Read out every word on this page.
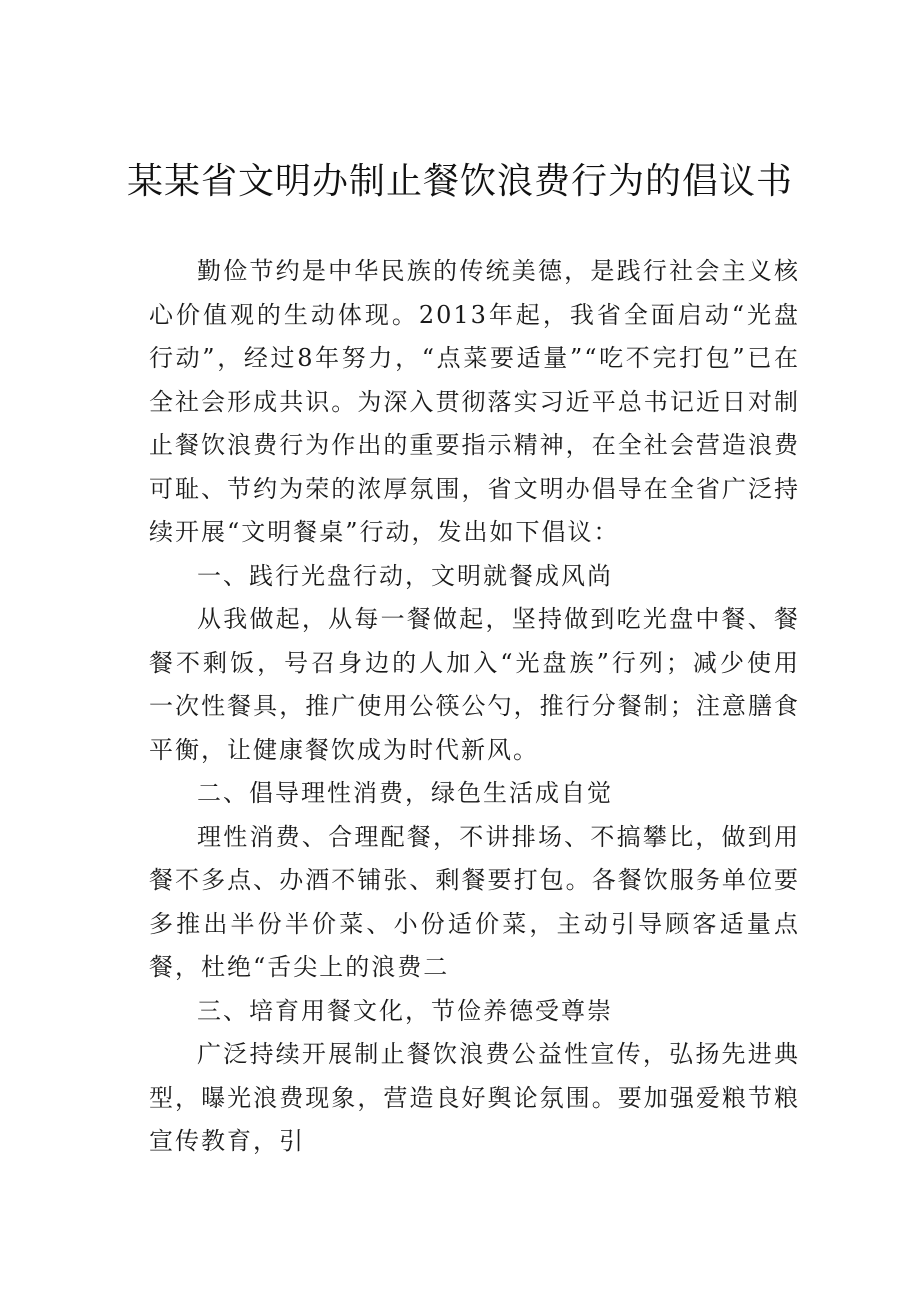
某某省文明办制止餐饮浪费行为的倡议书

勤俭节约是中华民族的传统美德，是践行社会主义核心价值观的生动体现。2013年起，我省全面启动“光盘行动”，经过8年努力，“点菜要适量”“吃不完打包”已在全社会形成共识。为深入贯彻落实习近平总书记近日对制止餐饮浪费行为作出的重要指示精神，在全社会营造浪费可耻、节约为荣的浓厚氛围，省文明办倡导在全省广泛持续开展“文明餐桌”行动，发出如下倡议：

一、践行光盘行动，文明就餐成风尚

从我做起，从每一餐做起，坚持做到吃光盘中餐、餐餐不剩饭，号召身边的人加入“光盘族”行列；减少使用一次性餐具，推广使用公筷公勺，推行分餐制；注意膳食平衡，让健康餐饮成为时代新风。

二、倡导理性消费，绿色生活成自觉

理性消费、合理配餐，不讲排场、不搞攀比，做到用餐不多点、办酒不铺张、剩餐要打包。各餐饮服务单位要多推出半份半价菜、小份适价菜，主动引导顾客适量点餐，杜绝“舌尖上的浪费二

三、培育用餐文化，节俭养德受尊崇

广泛持续开展制止餐饮浪费公益性宣传，弘扬先进典型，曝光浪费现象，营造良好舆论氛围。要加强爱粮节粮宣传教育，引
